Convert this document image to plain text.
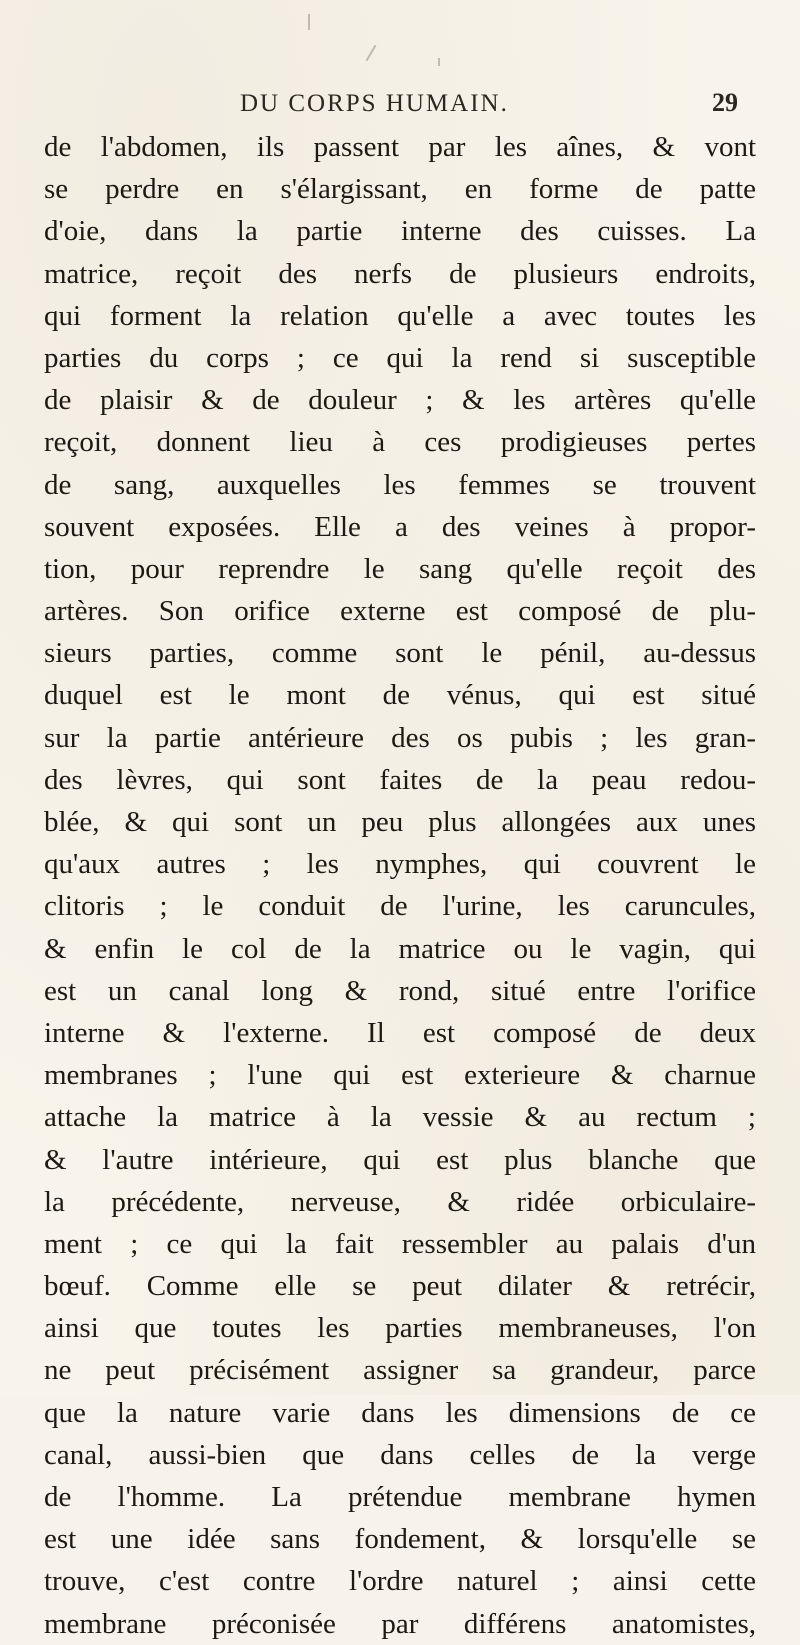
DU CORPS HUMAIN.	29
de l'abdomen, ils passent par les aînes, & vont
se perdre en s'élargissant, en forme de patte
d'oie, dans la partie interne des cuisses. La
matrice, reçoit des nerfs de plusieurs endroits,
qui forment la relation qu'elle a avec toutes les
parties du corps ; ce qui la rend si susceptible
de plaisir & de douleur ; & les artères qu'elle
reçoit, donnent lieu à ces prodigieuses pertes
de sang, auxquelles les femmes se trouvent
souvent exposées. Elle a des veines à propor-
tion, pour reprendre le sang qu'elle reçoit des
artères. Son orifice externe est composé de plu-
sieurs parties, comme sont le pénil, au-dessus
duquel est le mont de vénus, qui est situé
sur la partie antérieure des os pubis ; les gran-
des lèvres, qui sont faites de la peau redou-
blée, & qui sont un peu plus allongées aux unes
qu'aux autres ; les nymphes, qui couvrent le
clitoris ; le conduit de l'urine, les caruncules,
& enfin le col de la matrice ou le vagin, qui
est un canal long & rond, situé entre l'orifice
interne & l'externe. Il est composé de deux
membranes ; l'une qui est exterieure & charnue
attache la matrice à la vessie & au rectum ;
& l'autre intérieure, qui est plus blanche que
la précédente, nerveuse, & ridée orbiculaire-
ment ; ce qui la fait ressembler au palais d'un
bœuf. Comme elle se peut dilater & retrécir,
ainsi que toutes les parties membraneuses, l'on
ne peut précisément assigner sa grandeur, parce
que la nature varie dans les dimensions de ce
canal, aussi-bien que dans celles de la verge
de l'homme. La prétendue membrane hymen
est une idée sans fondement, & lorsqu'elle se
trouve, c'est contre l'ordre naturel ; ainsi cette
membrane préconisée par différens anatomistes,
